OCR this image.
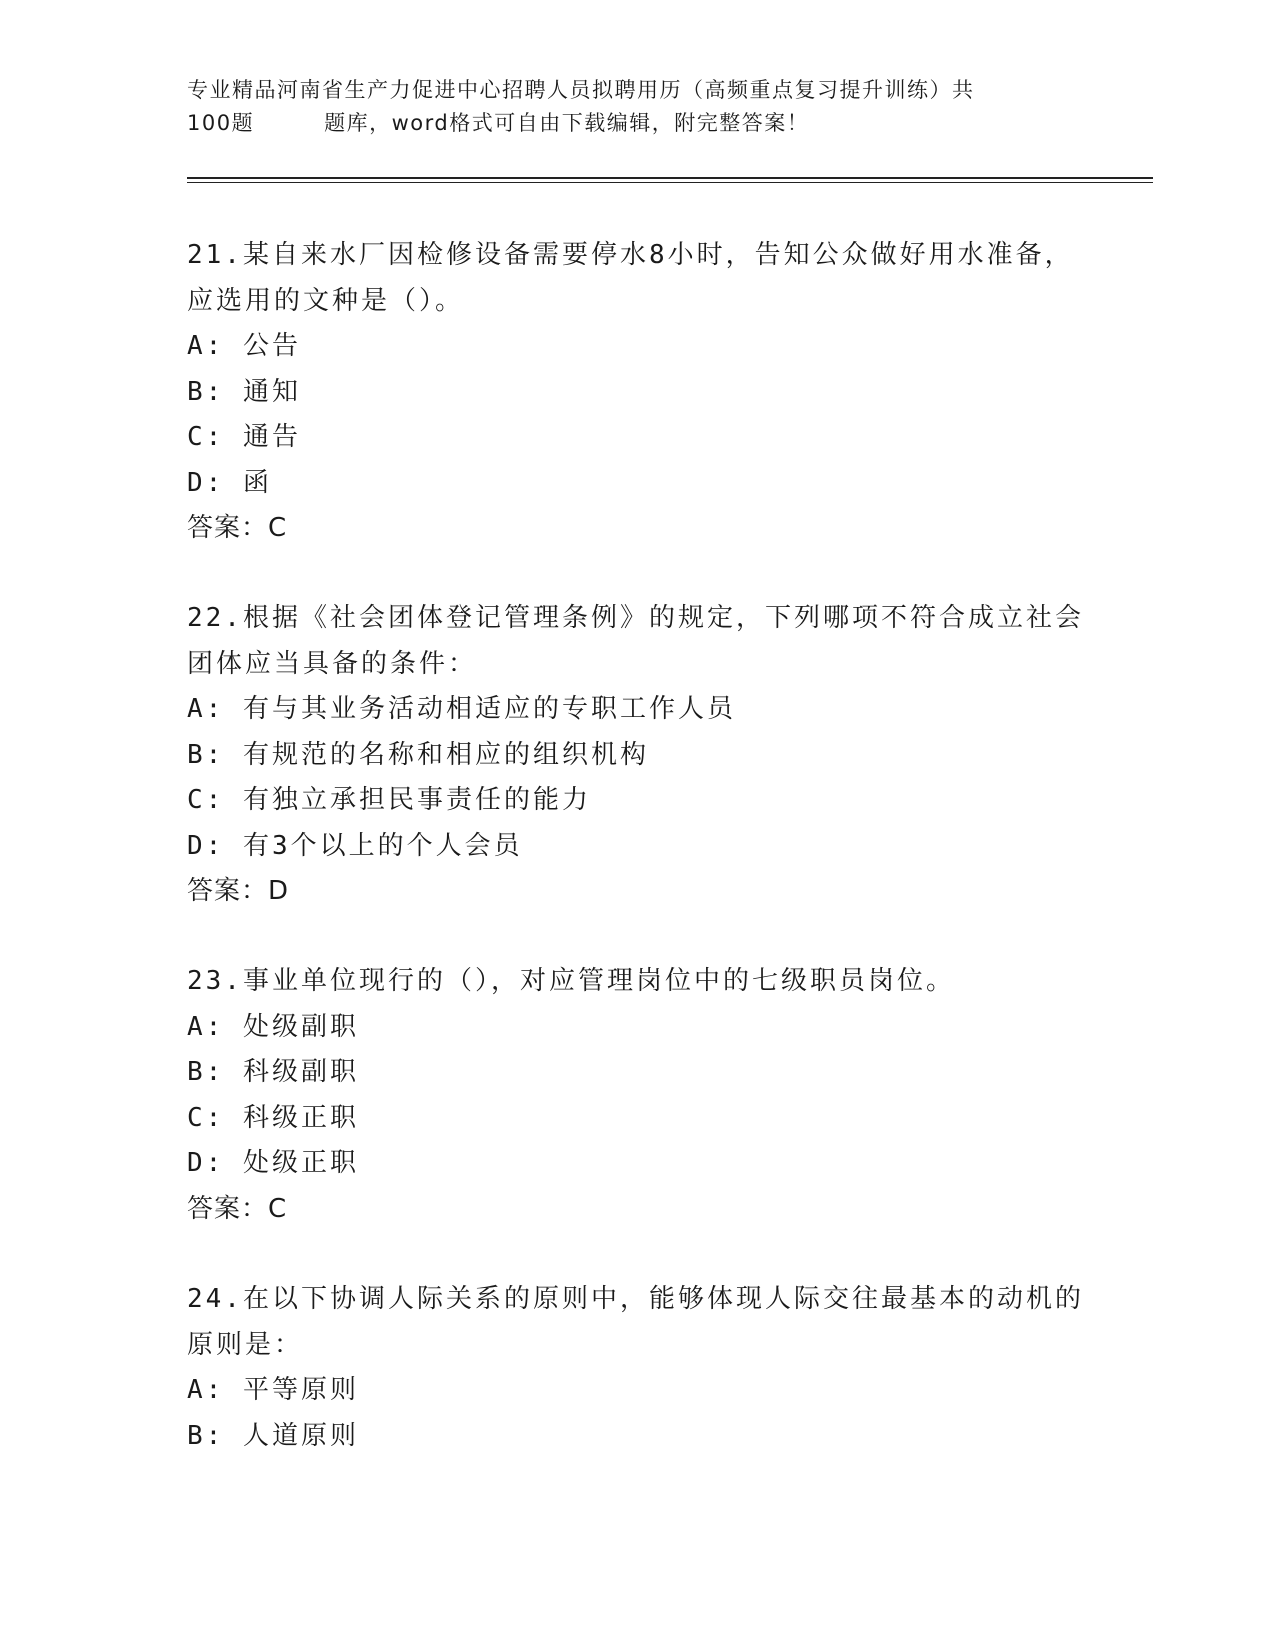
专业精品河南省生产力促进中心招聘人员拟聘用历（高频重点复习提升训练）共
100题	题库，word格式可自由下载编辑，附完整答案！
21.某自来水厂因检修设备需要停水8小时，告知公众做好用水准备，
应选用的文种是（）。
A: 公告
B: 通知
C: 通告
D: 函
答案：C
22.根据《社会团体登记管理条例》的规定，下列哪项不符合成立社会
团体应当具备的条件：
A: 有与其业务活动相适应的专职工作人员
B: 有规范的名称和相应的组织机构
C: 有独立承担民事责任的能力
D: 有3个以上的个人会员
答案：D
23.事业单位现行的（），对应管理岗位中的七级职员岗位。
A: 处级副职
B: 科级副职
C: 科级正职
D: 处级正职
答案：C
24.在以下协调人际关系的原则中，能够体现人际交往最基本的动机的
原则是：
A: 平等原则
B: 人道原则
